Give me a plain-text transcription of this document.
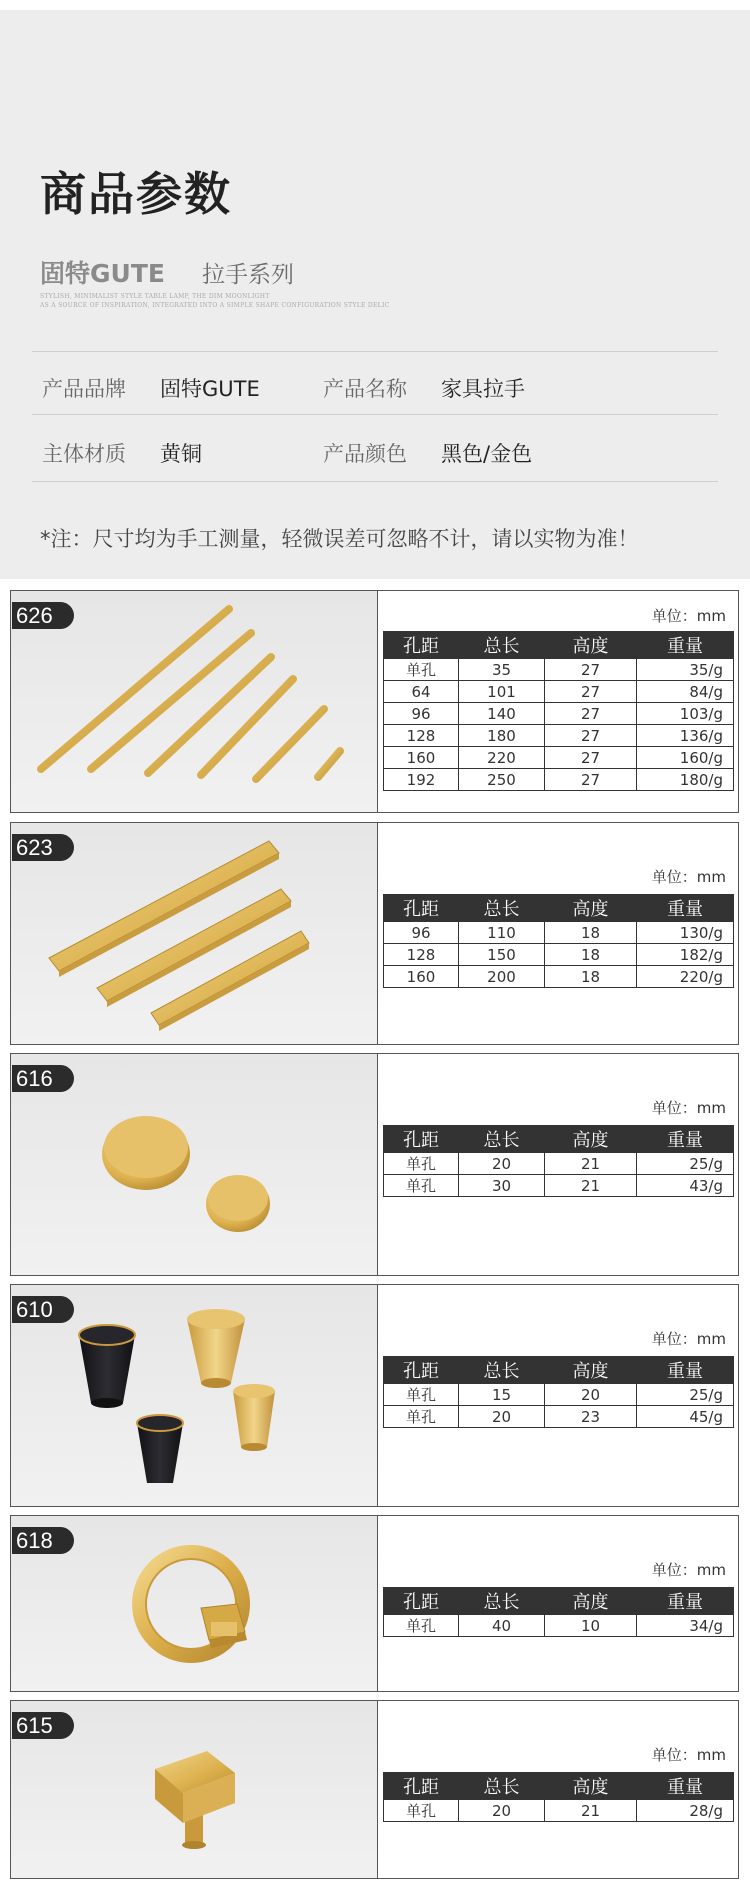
商品参数
固特GUTE 拉手系列
STYLISH, MINIMALIST STYLE TABLE LAMP, THE DIM MOONLIGHT
AS A SOURCE OF INSPIRATION, INTEGRATED INTO A SIMPLE SHAPE CONFIGURATION STYLE DELIC
产品品牌 固特GUTE	产品名称 家具拉手
主体材质 黄铜	产品颜色 黑色/金色
*注：尺寸均为手工测量，轻微误差可忽略不计，请以实物为准！
626	单位：mm
孔距	总长	高度	重量
单孔	35	27	35/g
64	101	27	84/g
96	140	27	103/g
128	180	27	136/g
160	220	27	160/g
192	250	27	180/g
623
单位：mm
孔距	总长	高度	重量
96	110	18	130/g
128	150	18	182/g
160	200	18	220/g
616
单位：mm
孔距	总长	高度	重量
单孔	20	21	25/g
单孔	30	21	43/g
610
单位：mm
孔距	总长	高度	重量
单孔	15	20	25/g
单孔	20	23	45/g
618
单位：mm
孔距	总长	高度	重量
单孔	40	10	34/g
615
单位：mm
孔距	总长	高度	重量
单孔	20	21	28/g
